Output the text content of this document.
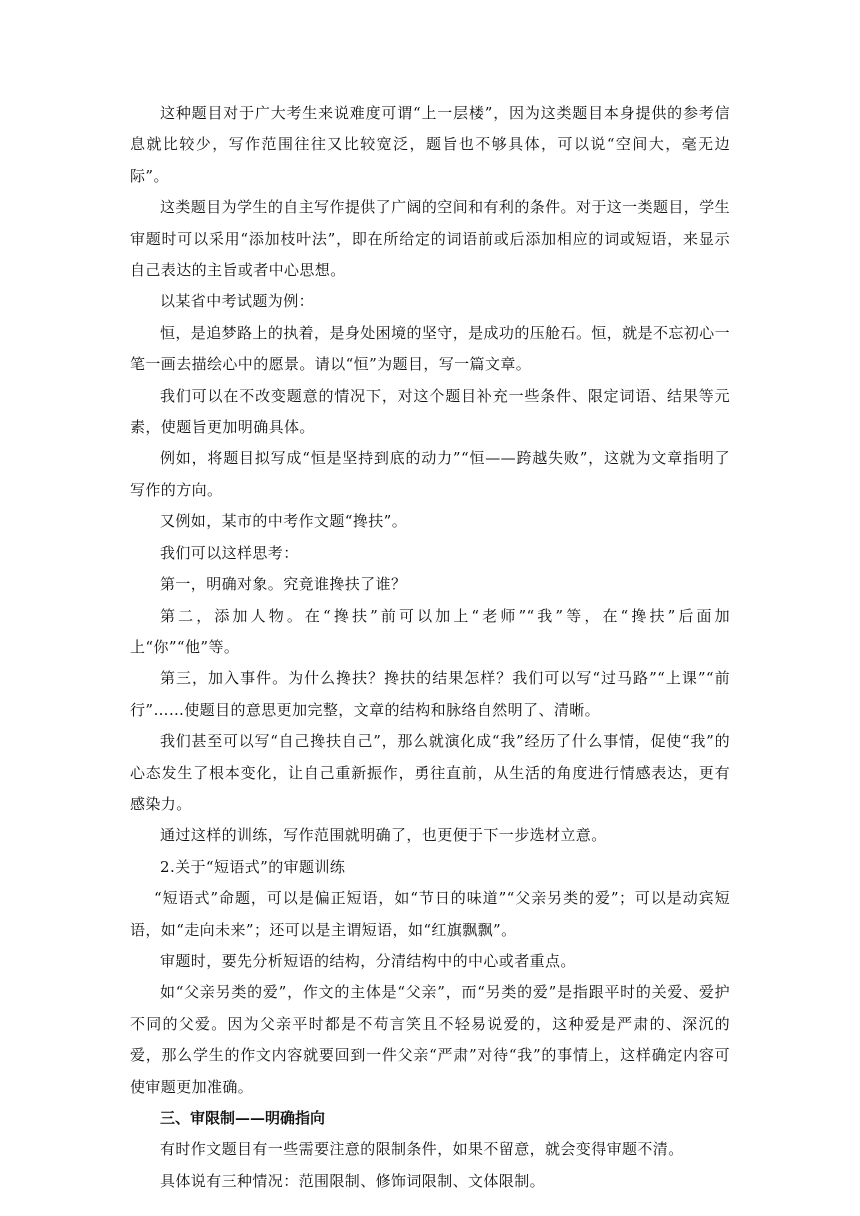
这种题目对于广大考生来说难度可谓“上一层楼”，因为这类题目本身提供的参考信息就比较少，写作范围往往又比较宽泛，题旨也不够具体，可以说“空间大，毫无边际”。

这类题目为学生的自主写作提供了广阔的空间和有利的条件。对于这一类题目，学生审题时可以采用“添加枝叶法”，即在所给定的词语前或后添加相应的词或短语，来显示自己表达的主旨或者中心思想。

以某省中考试题为例：

恒，是追梦路上的执着，是身处困境的坚守，是成功的压舱石。恒，就是不忘初心一笔一画去描绘心中的愿景。请以“恒”为题目，写一篇文章。

我们可以在不改变题意的情况下，对这个题目补充一些条件、限定词语、结果等元素，使题旨更加明确具体。

例如，将题目拟写成“恒是坚持到底的动力”“恒——跨越失败”，这就为文章指明了写作的方向。

又例如，某市的中考作文题“搀扶”。

我们可以这样思考：

第一，明确对象。究竟谁搀扶了谁？

第二，添加人物。在“搀扶”前可以加上“老师”“我”等，在“搀扶”后面加上“你”“他”等。

第三，加入事件。为什么搀扶？搀扶的结果怎样？我们可以写“过马路”“上课”“前行”……使题目的意思更加完整，文章的结构和脉络自然明了、清晰。

我们甚至可以写“自己搀扶自己”，那么就演化成“我”经历了什么事情，促使“我”的心态发生了根本变化，让自己重新振作，勇往直前，从生活的角度进行情感表达，更有感染力。

通过这样的训练，写作范围就明确了，也更便于下一步选材立意。

2.关于“短语式”的审题训练

“短语式”命题，可以是偏正短语，如“节日的味道”“父亲另类的爱”；可以是动宾短语，如“走向未来”；还可以是主谓短语，如“红旗飘飘”。

审题时，要先分析短语的结构，分清结构中的中心或者重点。

如“父亲另类的爱”，作文的主体是“父亲”，而“另类的爱”是指跟平时的关爱、爱护不同的父爱。因为父亲平时都是不苟言笑且不轻易说爱的，这种爱是严肃的、深沉的爱，那么学生的作文内容就要回到一件父亲“严肃”对待“我”的事情上，这样确定内容可使审题更加准确。

三、审限制——明确指向

有时作文题目有一些需要注意的限制条件，如果不留意，就会变得审题不清。

具体说有三种情况：范围限制、修饰词限制、文体限制。
